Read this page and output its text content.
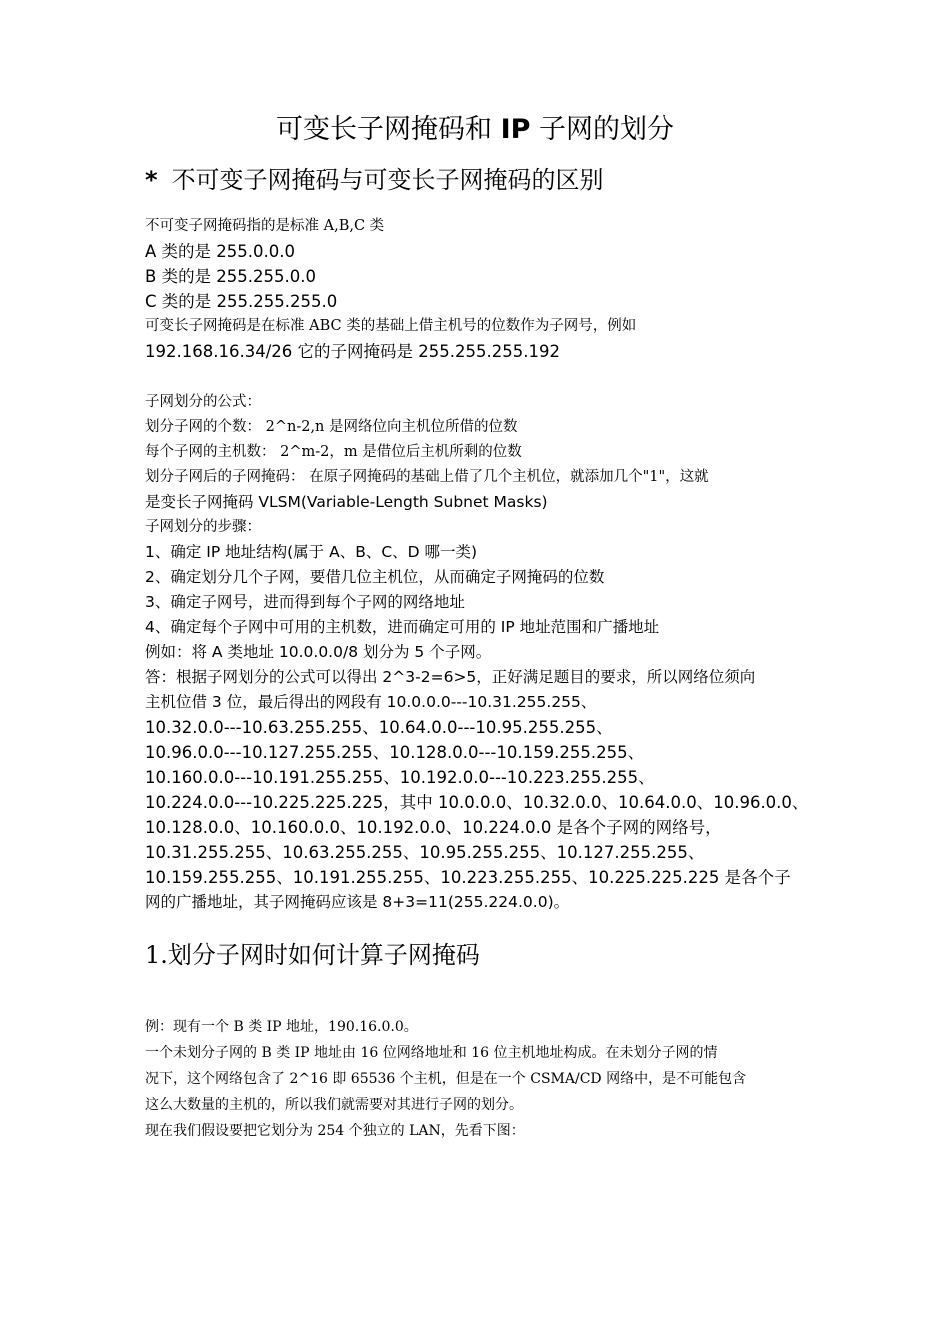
可变长子网掩码和 IP 子网的划分
* 不可变子网掩码与可变长子网掩码的区别
不可变子网掩码指的是标准 A,B,C 类
A 类的是 255.0.0.0
B 类的是 255.255.0.0
C 类的是 255.255.255.0
可变长子网掩码是在标准 ABC 类的基础上借主机号的位数作为子网号，例如
192.168.16.34/26 它的子网掩码是 255.255.255.192
子网划分的公式：
划分子网的个数： 2^n-2,n 是网络位向主机位所借的位数
每个子网的主机数： 2^m-2，m 是借位后主机所剩的位数
划分子网后的子网掩码： 在原子网掩码的基础上借了几个主机位，就添加几个"1"，这就
是变长子网掩码 VLSM(Variable-Length Subnet Masks)
子网划分的步骤：
1、确定 IP 地址结构(属于 A、B、C、D 哪一类)
2、确定划分几个子网，要借几位主机位，从而确定子网掩码的位数
3、确定子网号，进而得到每个子网的网络地址
4、确定每个子网中可用的主机数，进而确定可用的 IP 地址范围和广播地址
例如：将 A 类地址 10.0.0.0/8 划分为 5 个子网。
答：根据子网划分的公式可以得出 2^3-2=6>5，正好满足题目的要求，所以网络位须向
主机位借 3 位，最后得出的网段有 10.0.0.0---10.31.255.255、
10.32.0.0---10.63.255.255、10.64.0.0---10.95.255.255、
10.96.0.0---10.127.255.255、10.128.0.0---10.159.255.255、
10.160.0.0---10.191.255.255、10.192.0.0---10.223.255.255、
10.224.0.0---10.225.225.225，其中 10.0.0.0、10.32.0.0、10.64.0.0、10.96.0.0、
10.128.0.0、10.160.0.0、10.192.0.0、10.224.0.0 是各个子网的网络号，
10.31.255.255、10.63.255.255、10.95.255.255、10.127.255.255、
10.159.255.255、10.191.255.255、10.223.255.255、10.225.225.225 是各个子
网的广播地址，其子网掩码应该是 8+3=11(255.224.0.0)。
1.划分子网时如何计算子网掩码
例：现有一个 B 类 IP 地址，190.16.0.0。
一个未划分子网的 B 类 IP 地址由 16 位网络地址和 16 位主机地址构成。在未划分子网的情
况下，这个网络包含了 2^16 即 65536 个主机，但是在一个 CSMA/CD 网络中，是不可能包含
这么大数量的主机的，所以我们就需要对其进行子网的划分。
现在我们假设要把它划分为 254 个独立的 LAN，先看下图：
